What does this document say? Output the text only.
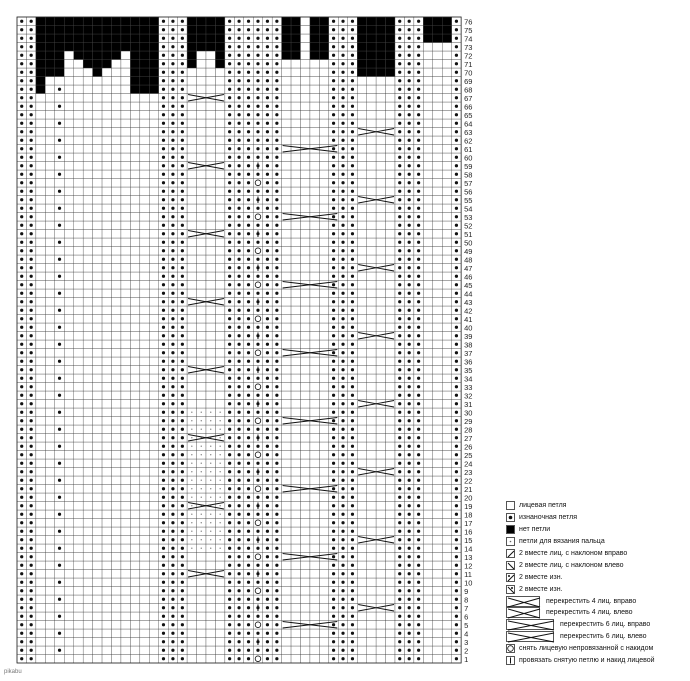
1
2
3
4
5
6
7
8
9
10
11
12
13
14
15
16
17
18
19
20
21
22
23
24
25
26
27
28
29
30
31
32
33
34
35
36
37
38
39
40
41
42
43
44
45
46
47
48
49
50
51
52
53
54
55
56
57
58
59
60
61
62
63
64
65
66
67
68
69
70
71
72
73
74
75
76
лицевая петля
изнаночная петля
нет петли
петли для вязания пальца
2 вместе лиц. с наклоном вправо
2 вместе лиц. с наклоном влево
2 вместе изн.
2 вместе изн.
перекрестить 4 лиц. вправо
перекрестить 4 лиц. влево
перекрестить 6 лиц. вправо
перекрестить 6 лиц. влево
снять лицевую непровязанной с накидом
провязать снятую петлю и накид лицевой
pikabu
